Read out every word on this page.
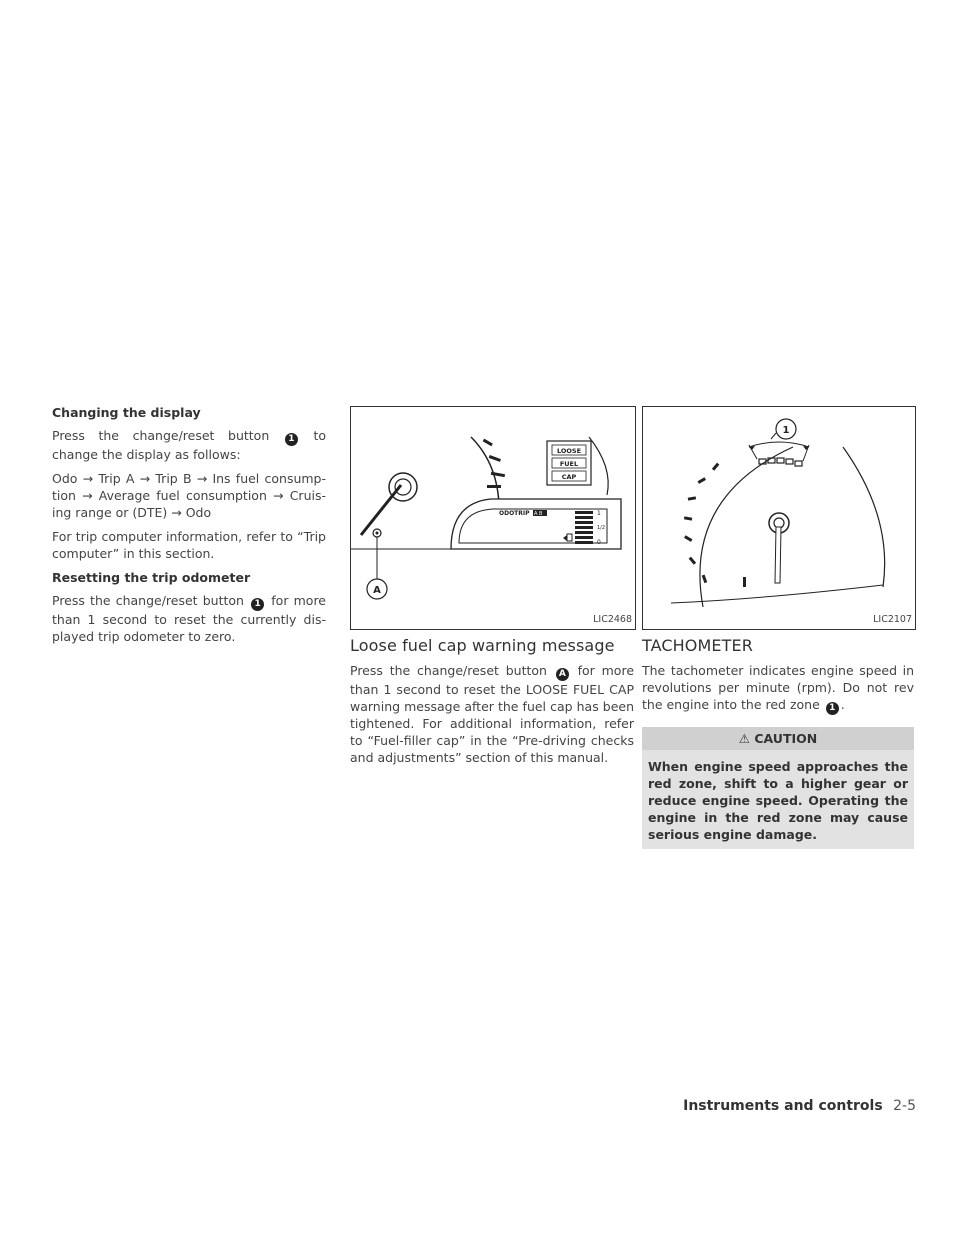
Changing the display

Press the change/reset button 1 to change the display as follows:

Odo → Trip A → Trip B → Ins fuel consump-tion → Average fuel consumption → Cruis-ing range or (DTE) → Odo

For trip computer information, refer to “Trip computer” in this section.

Resetting the trip odometer

Press the change/reset button 1 for more than 1 second to reset the currently dis-played trip odometer to zero.

ODOTRIP A B	1
1/2
0
LOOSE
FUEL
CAP
A
LIC2468
Loose fuel cap warning message

Press the change/reset button A for more than 1 second to reset the LOOSE FUEL CAP warning message after the fuel cap has been tightened. For additional information, refer to “Fuel-filler cap” in the “Pre-driving checks and adjustments” section of this manual.

1
LIC2107
TACHOMETER

The tachometer indicates engine speed in revolutions per minute (rpm). Do not rev the engine into the red zone 1 .

⚠ CAUTION
When engine speed approaches the red zone, shift to a higher gear or reduce engine speed. Operating the engine in the red zone may cause serious engine damage.
Instruments and controls 2-5
